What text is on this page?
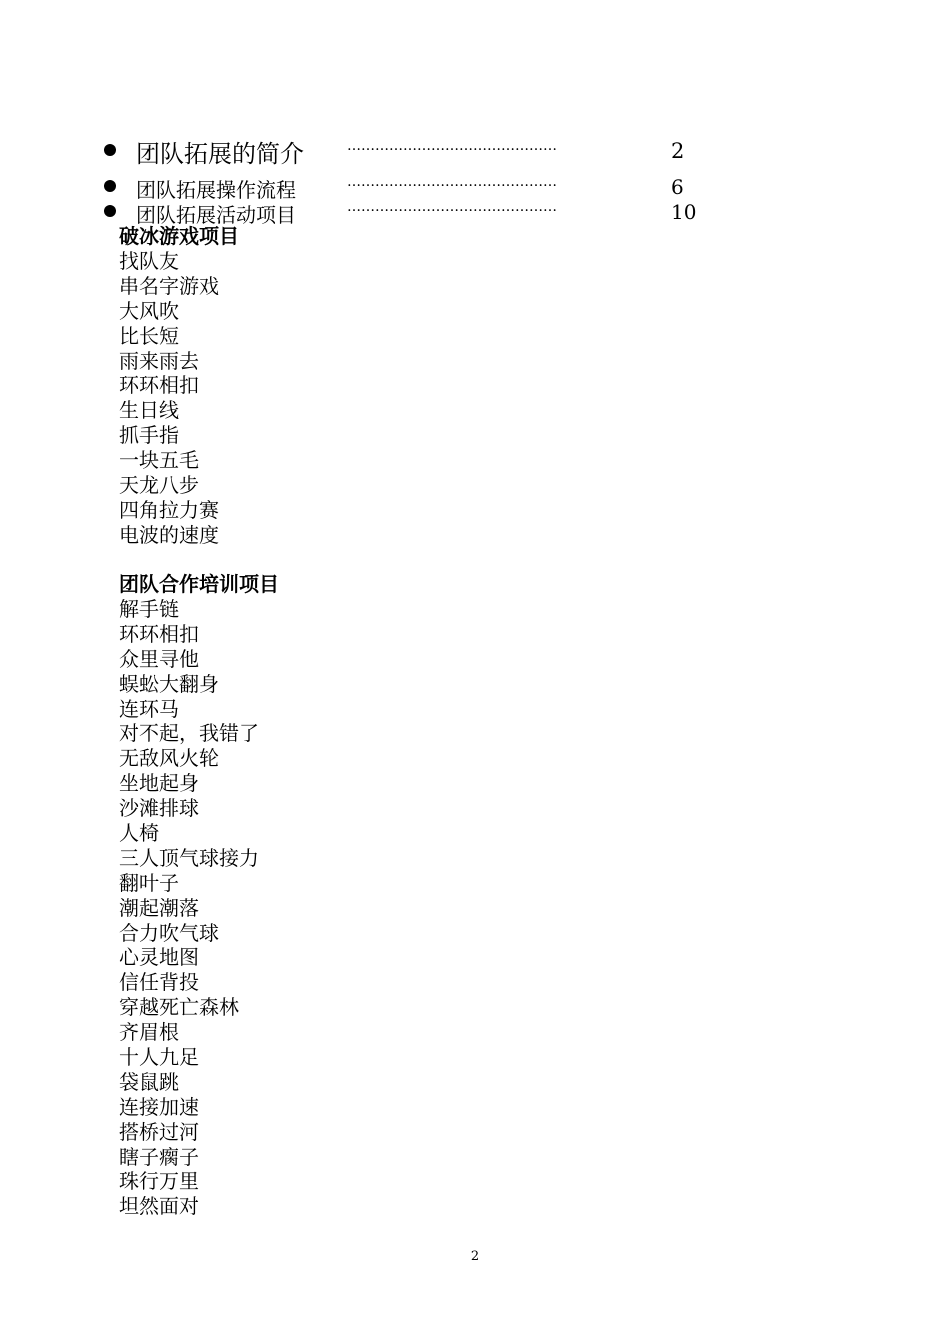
团队拓展的简介	………………………………………	2
团队拓展操作流程	………………………………………	6
团队拓展活动项目	………………………………………	10
破冰游戏项目
找队友
串名字游戏
大风吹
比长短
雨来雨去
环环相扣
生日线
抓手指
一块五毛
天龙八步
四角拉力赛
电波的速度
团队合作培训项目
解手链
环环相扣
众里寻他
蜈蚣大翻身
连环马
对不起，我错了
无敌风火轮
坐地起身
沙滩排球
人椅
三人顶气球接力
翻叶子
潮起潮落
合力吹气球
心灵地图
信任背投
穿越死亡森林
齐眉根
十人九足
袋鼠跳
连接加速
搭桥过河
瞎子瘸子
珠行万里
坦然面对
2
